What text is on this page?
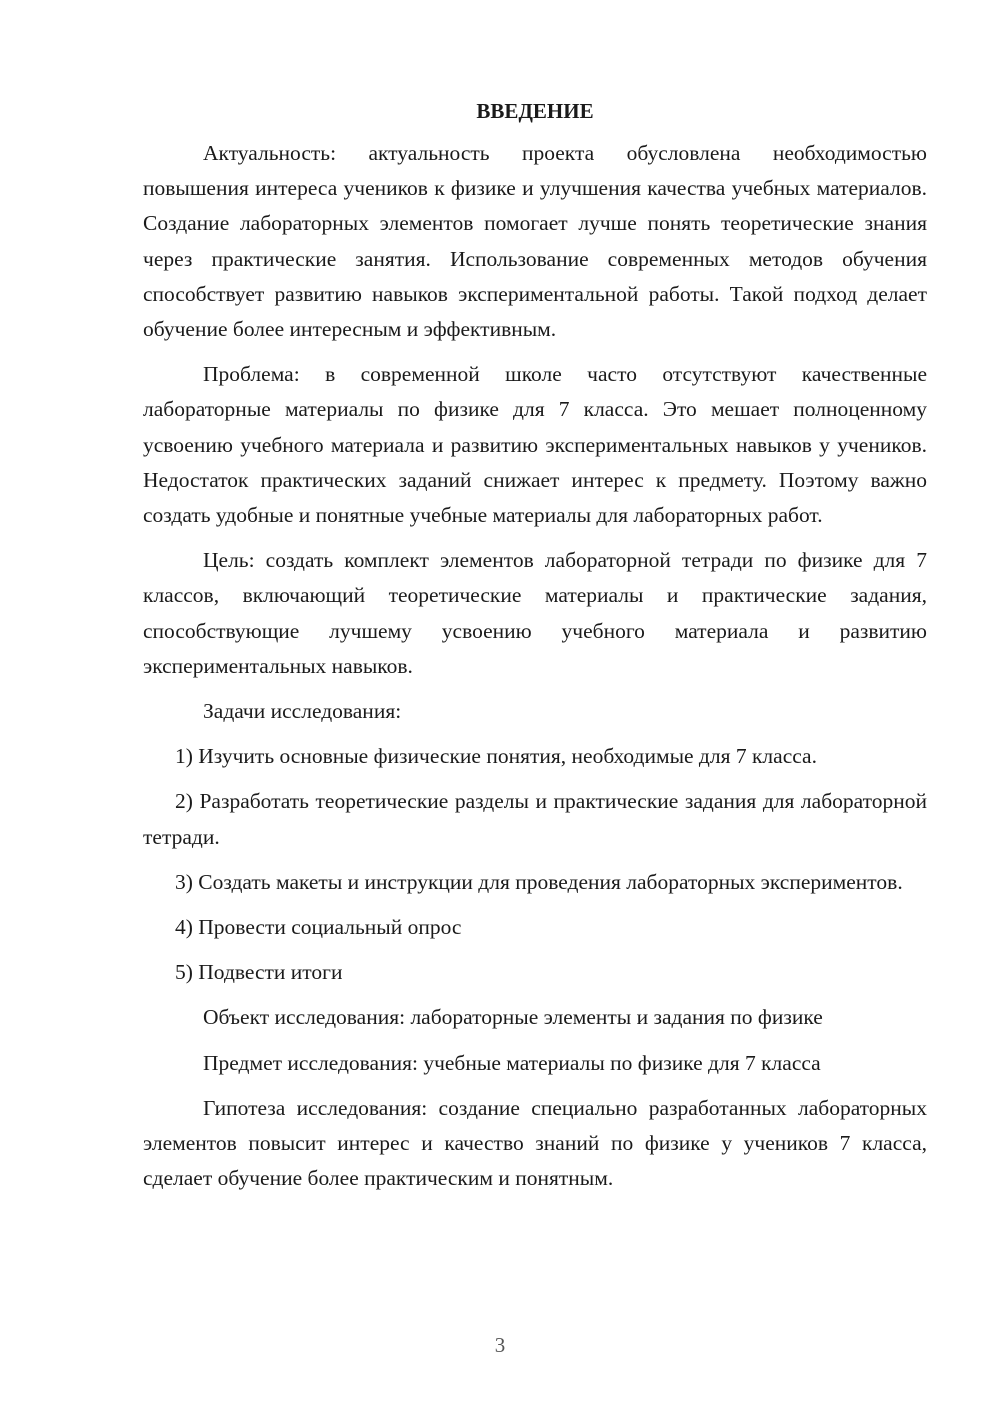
ВВЕДЕНИЕ

Актуальность: актуальность проекта обусловлена необходимостью повышения интереса учеников к физике и улучшения качества учебных материалов. Создание лабораторных элементов помогает лучше понять теоретические знания через практические занятия. Использование современных методов обучения способствует развитию навыков экспериментальной работы. Такой подход делает обучение более интересным и эффективным.

Проблема: в современной школе часто отсутствуют качественные лабораторные материалы по физике для 7 класса. Это мешает полноценному усвоению учебного материала и развитию экспериментальных навыков у учеников. Недостаток практических заданий снижает интерес к предмету. Поэтому важно создать удобные и понятные учебные материалы для лабораторных работ.

Цель: создать комплект элементов лабораторной тетради по физике для 7 классов, включающий теоретические материалы и практические задания, способствующие лучшему усвоению учебного материала и развитию экспериментальных навыков.

Задачи исследования:

1) Изучить основные физические понятия, необходимые для 7 класса.

2) Разработать теоретические разделы и практические задания для лабораторной тетради.

3) Создать макеты и инструкции для проведения лабораторных экспериментов.

4) Провести социальный опрос

5) Подвести итоги

Объект исследования: лабораторные элементы и задания по физике

Предмет исследования: учебные материалы по физике для 7 класса

Гипотеза исследования: создание специально разработанных лабораторных элементов повысит интерес и качество знаний по физике у учеников 7 класса, сделает обучение более практическим и понятным.

3
